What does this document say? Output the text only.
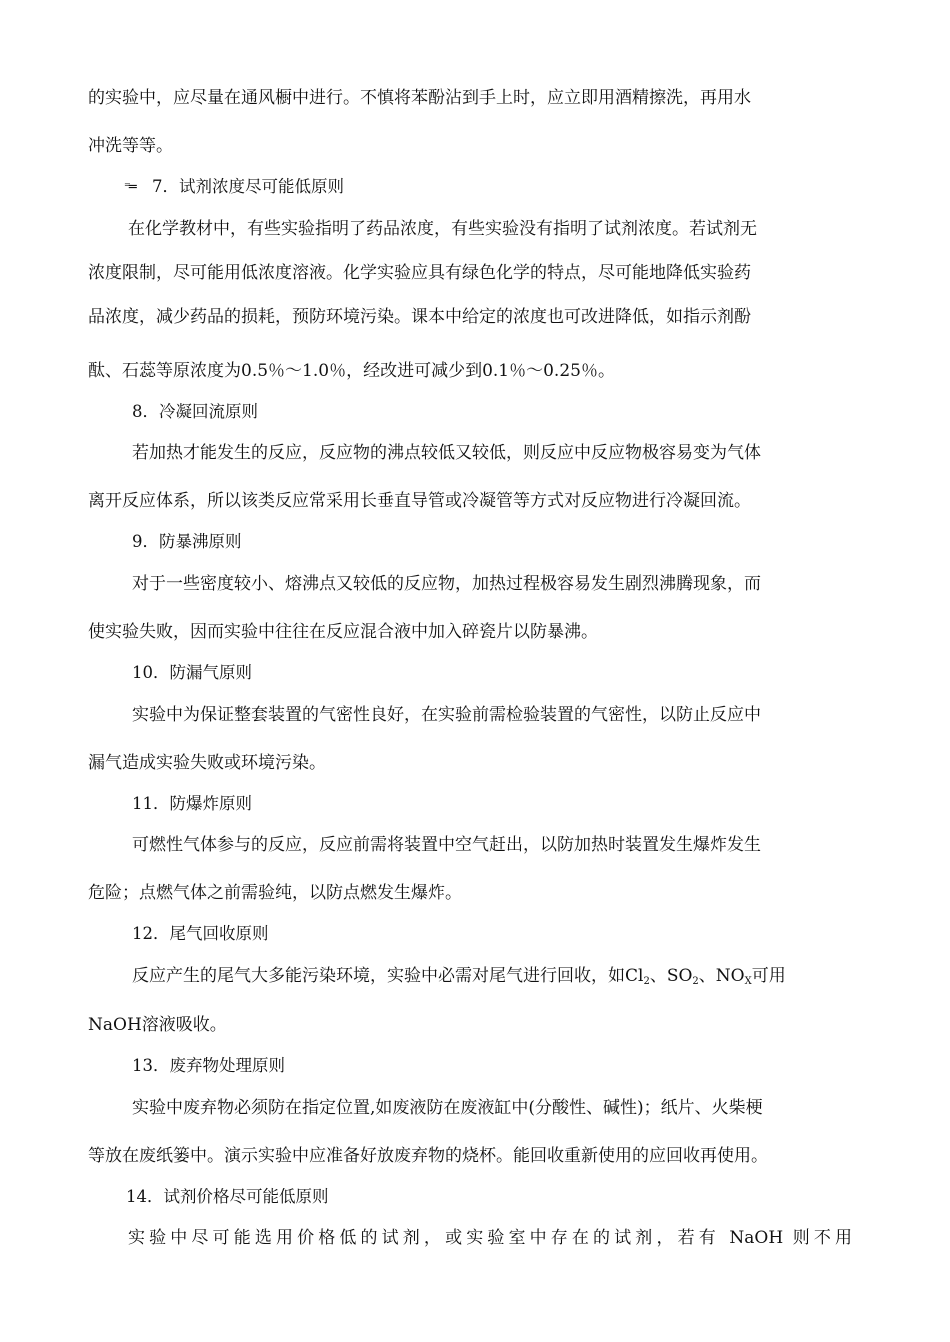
的实验中，应尽量在通风橱中进行。不慎将苯酚沾到手上时，应立即用酒精擦洗，再用水
冲洗等等。
⁼═ 7．试剂浓度尽可能低原则
在化学教材中，有些实验指明了药品浓度，有些实验没有指明了试剂浓度。若试剂无
浓度限制，尽可能用低浓度溶液。化学实验应具有绿色化学的特点，尽可能地降低实验药
品浓度，减少药品的损耗，预防环境污染。课本中给定的浓度也可改进降低，如指示剂酚
酞、石蕊等原浓度为0.5％～1.0％，经改进可减少到0.1％～0.25％。
8．冷凝回流原则
若加热才能发生的反应，反应物的沸点较低又较低，则反应中反应物极容易变为气体
离开反应体系，所以该类反应常采用长垂直导管或冷凝管等方式对反应物进行冷凝回流。
9．防暴沸原则
对于一些密度较小、熔沸点又较低的反应物，加热过程极容易发生剧烈沸腾现象，而
使实验失败，因而实验中往往在反应混合液中加入碎瓷片以防暴沸。
10．防漏气原则
实验中为保证整套装置的气密性良好，在实验前需检验装置的气密性，以防止反应中
漏气造成实验失败或环境污染。
11．防爆炸原则
可燃性气体参与的反应，反应前需将装置中空气赶出，以防加热时装置发生爆炸发生
危险；点燃气体之前需验纯，以防点燃发生爆炸。
12．尾气回收原则
反应产生的尾气大多能污染环境，实验中必需对尾气进行回收，如$Cl_2$、$SO_2$、$NO_X$可用
NaOH溶液吸收。
13．废弃物处理原则
实验中废弃物必须防在指定位置,如废液防在废液缸中(分酸性、碱性)；纸片、火柴梗
等放在废纸篓中。演示实验中应准备好放废弃物的烧杯。能回收重新使用的应回收再使用。
14．试剂价格尽可能低原则
实验中尽可能选用价格低的试剂，或实验室中存在的试剂，若有 NaOH 则不用
